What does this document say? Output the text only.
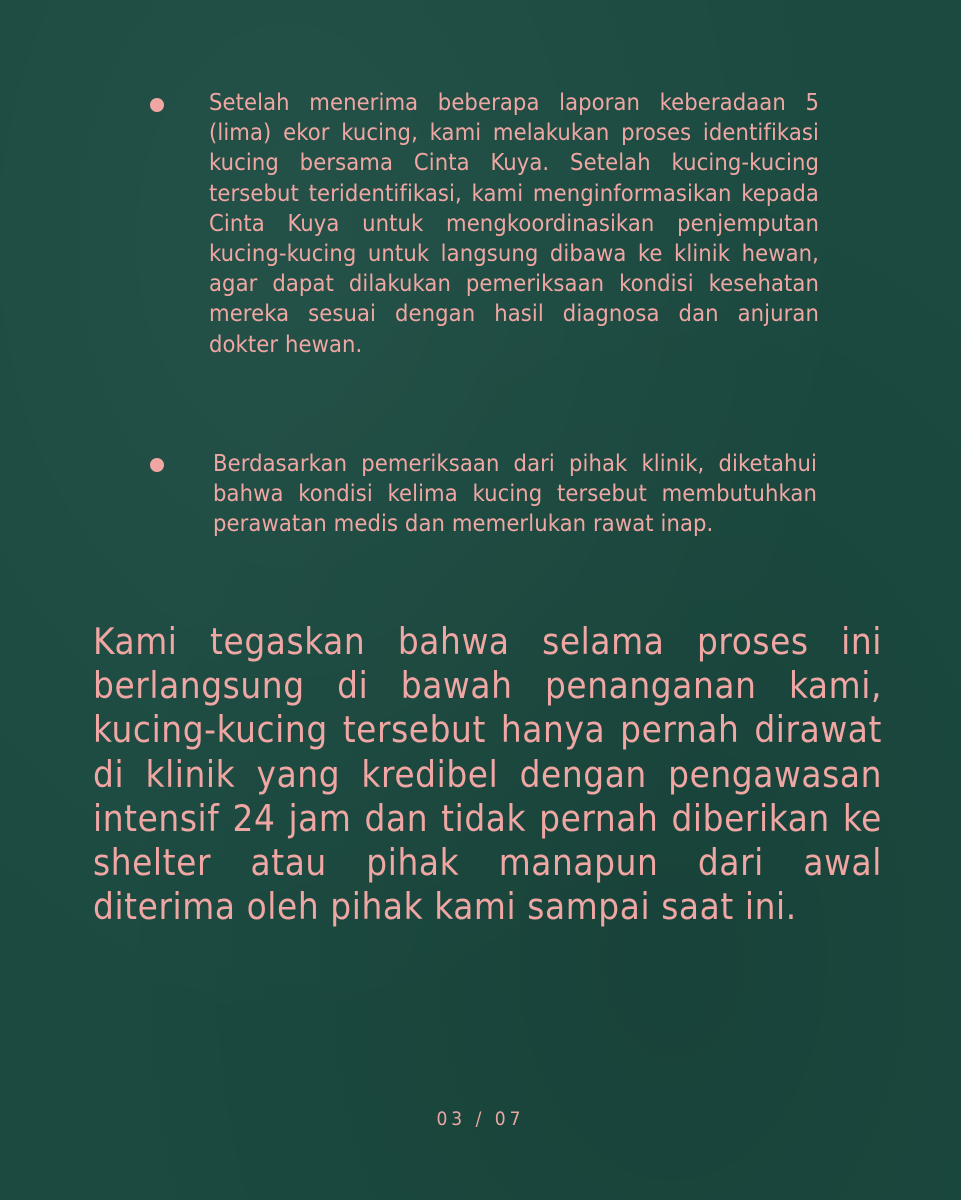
Setelah menerima beberapa laporan keberadaan 5 (lima) ekor kucing, kami melakukan proses identifikasi kucing bersama Cinta Kuya. Setelah kucing-kucing tersebut teridentifikasi, kami menginformasikan kepada Cinta Kuya untuk mengkoordinasikan penjemputan kucing-kucing untuk langsung dibawa ke klinik hewan, agar dapat dilakukan pemeriksaan kondisi kesehatan mereka sesuai dengan hasil diagnosa dan anjuran dokter hewan.
Berdasarkan pemeriksaan dari pihak klinik, diketahui bahwa kondisi kelima kucing tersebut membutuhkan perawatan medis dan memerlukan rawat inap.
Kami tegaskan bahwa selama proses ini berlangsung di bawah penanganan kami, kucing-kucing tersebut hanya pernah dirawat di klinik yang kredibel dengan pengawasan intensif 24 jam dan tidak pernah diberikan ke shelter atau pihak manapun dari awal diterima oleh pihak kami sampai saat ini.
03 / 07
